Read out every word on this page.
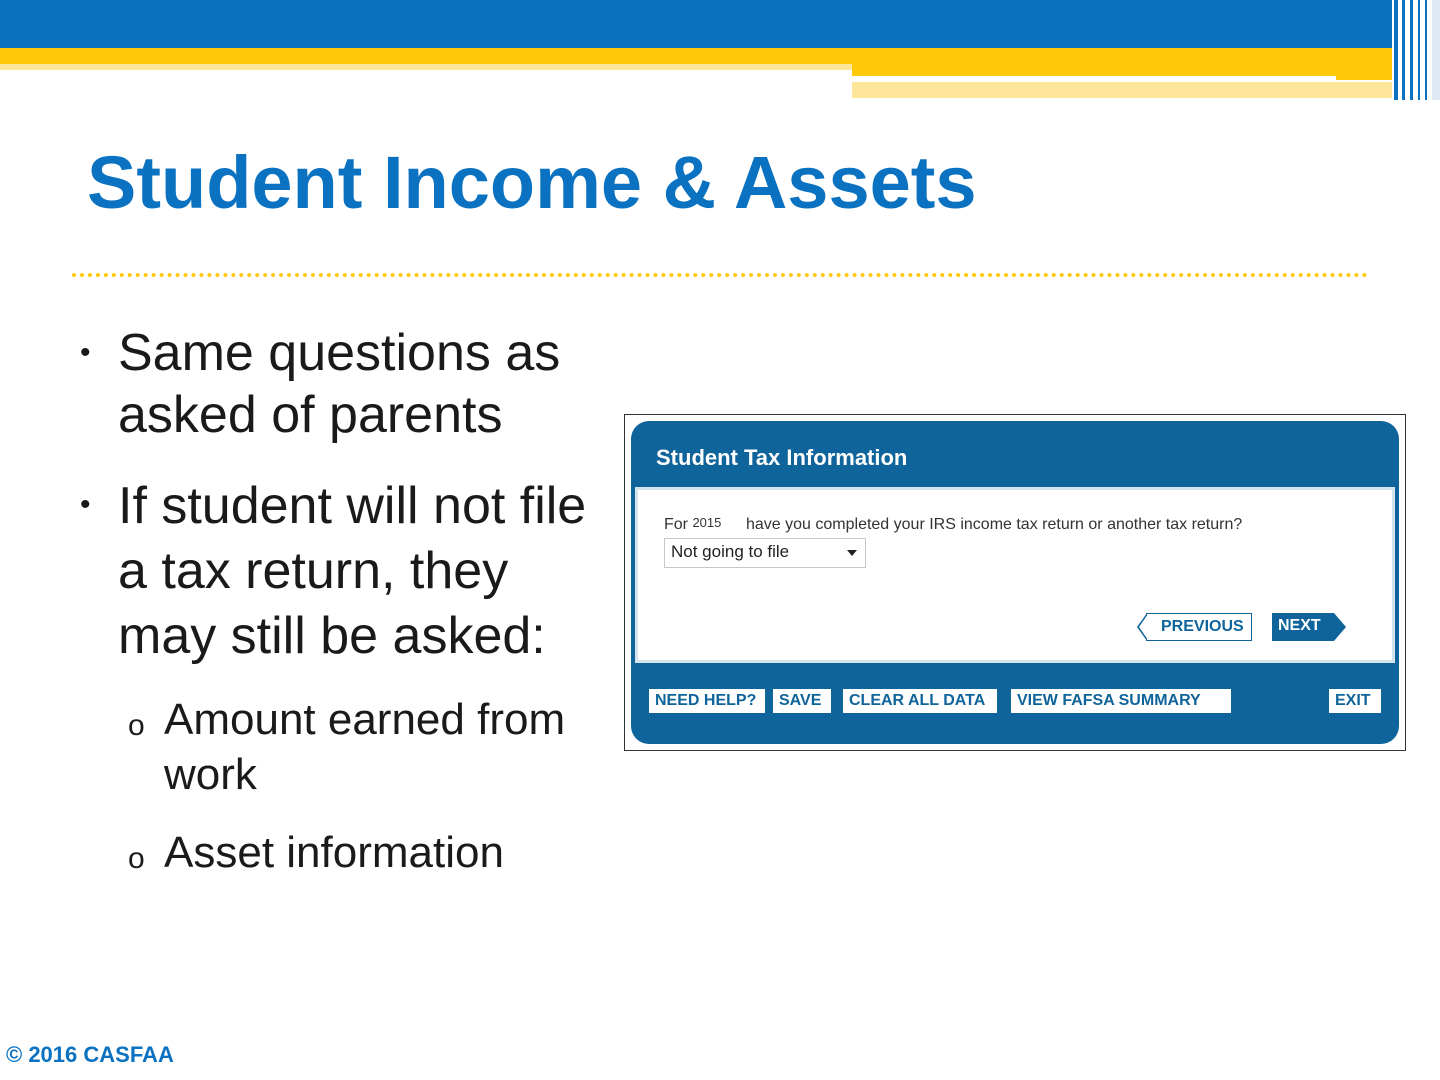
Student Income & Assets
• Same questions as
asked of parents
• If student will not file
a tax return, they
may still be asked:
o Amount earned from
work
o Asset information
Student Tax Information
For 2015 have you completed your IRS income tax return or another tax return?
Not going to file
PREVIOUS	NEXT
NEED HELP?	SAVE	CLEAR ALL DATA	VIEW FAFSA SUMMARY	EXIT
© 2016 CASFAA
